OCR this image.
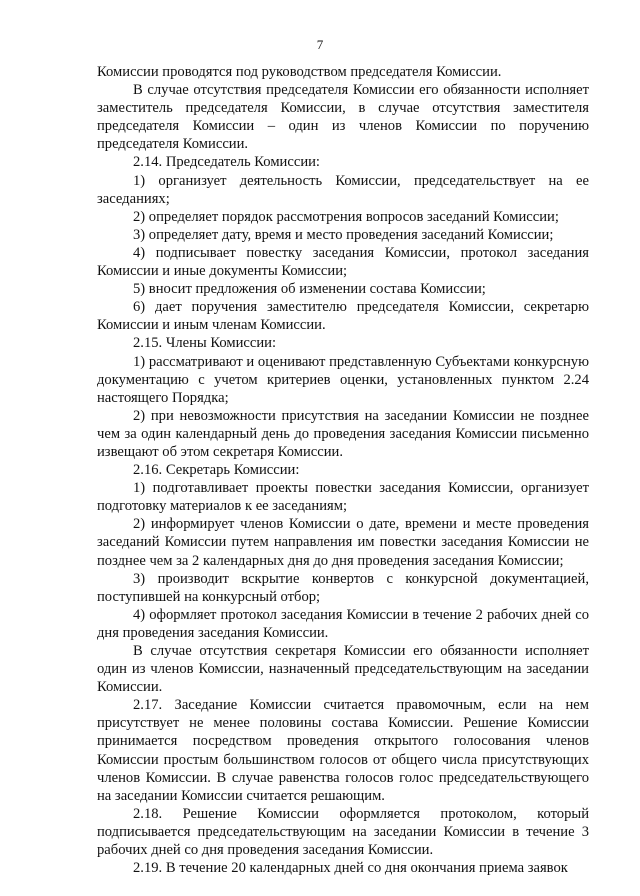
7

Комиссии проводятся под руководством председателя Комиссии.

В случае отсутствия председателя Комиссии его обязанности исполняет заместитель председателя Комиссии, в случае отсутствия заместителя председателя Комиссии – один из членов Комиссии по поручению председателя Комиссии.

2.14. Председатель Комиссии:

1) организует деятельность Комиссии, председательствует на ее заседаниях;

2) определяет порядок рассмотрения вопросов заседаний Комиссии;

3) определяет дату, время и место проведения заседаний Комиссии;

4) подписывает повестку заседания Комиссии, протокол заседания Комиссии и иные документы Комиссии;

5) вносит предложения об изменении состава Комиссии;

6) дает поручения заместителю председателя Комиссии, секретарю Комиссии и иным членам Комиссии.

2.15. Члены Комиссии:

1) рассматривают и оценивают представленную Субъектами конкурсную документацию с учетом критериев оценки, установленных пунктом 2.24 настоящего Порядка;

2) при невозможности присутствия на заседании Комиссии не позднее чем за один календарный день до проведения заседания Комиссии письменно извещают об этом секретаря Комиссии.

2.16. Секретарь Комиссии:

1) подготавливает проекты повестки заседания Комиссии, организует подготовку материалов к ее заседаниям;

2) информирует членов Комиссии о дате, времени и месте проведения заседаний Комиссии путем направления им повестки заседания Комиссии не позднее чем за 2 календарных дня до дня проведения заседания Комиссии;

3) производит вскрытие конвертов с конкурсной документацией, поступившей на конкурсный отбор;

4) оформляет протокол заседания Комиссии в течение 2 рабочих дней со дня проведения заседания Комиссии.

В случае отсутствия секретаря Комиссии его обязанности исполняет один из членов Комиссии, назначенный председательствующим на заседании Комиссии.

2.17. Заседание Комиссии считается правомочным, если на нем присутствует не менее половины состава Комиссии. Решение Комиссии принимается посредством проведения открытого голосования членов Комиссии простым большинством голосов от общего числа присутствующих членов Комиссии. В случае равенства голосов голос председательствующего на заседании Комиссии считается решающим.

2.18. Решение Комиссии оформляется протоколом, который подписывается председательствующим на заседании Комиссии в течение 3 рабочих дней со дня проведения заседания Комиссии.

2.19. В течение 20 календарных дней со дня окончания приема заявок
